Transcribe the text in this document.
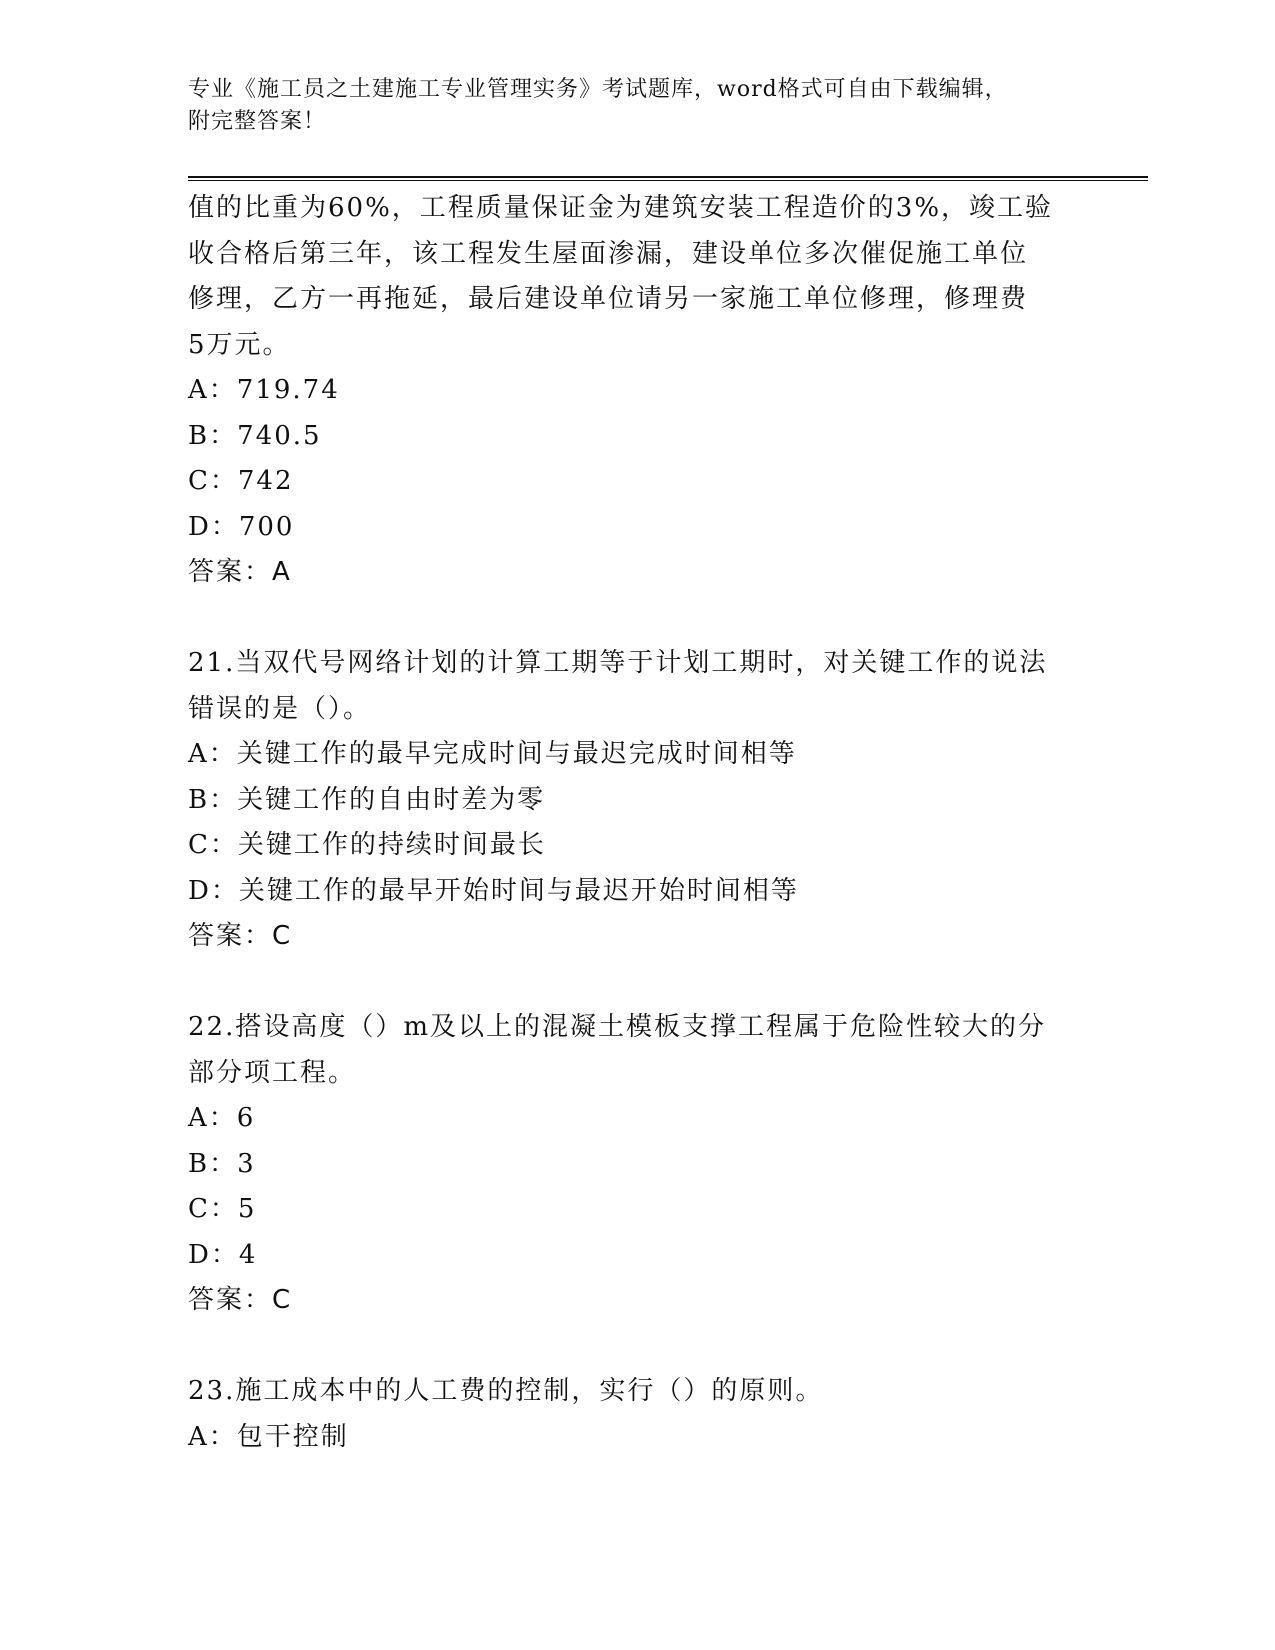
专业《施工员之土建施工专业管理实务》考试题库，word格式可自由下载编辑，
附完整答案！
值的比重为60%，工程质量保证金为建筑安装工程造价的3%，竣工验
收合格后第三年，该工程发生屋面渗漏，建设单位多次催促施工单位
修理，乙方一再拖延，最后建设单位请另一家施工单位修理，修理费
5万元。
A：719.74
B：740.5
C：742
D：700
答案：A
21.当双代号网络计划的计算工期等于计划工期时，对关键工作的说法
错误的是（）。
A：关键工作的最早完成时间与最迟完成时间相等
B：关键工作的自由时差为零
C：关键工作的持续时间最长
D：关键工作的最早开始时间与最迟开始时间相等
答案：C
22.搭设高度（）m及以上的混凝土模板支撑工程属于危险性较大的分
部分项工程。
A：6
B：3
C：5
D：4
答案：C
23.施工成本中的人工费的控制，实行（）的原则。
A：包干控制
